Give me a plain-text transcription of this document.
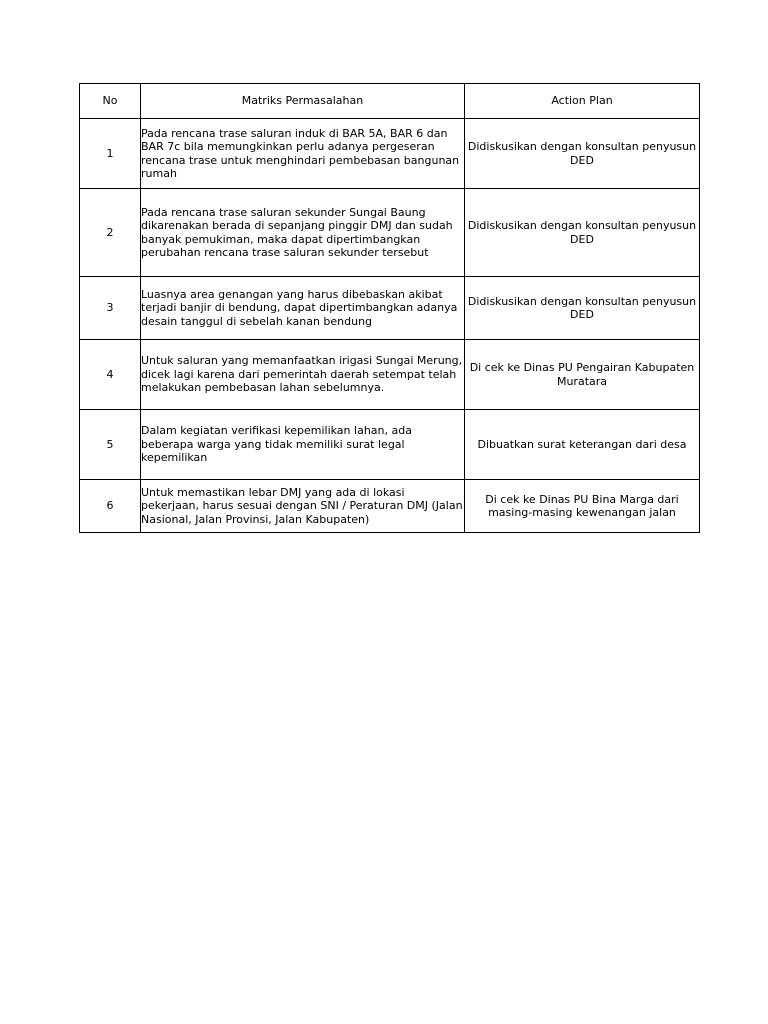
No	Matriks Permasalahan	Action Plan
1	Pada rencana trase saluran induk di BAR 5A, BAR 6 dan BAR 7c bila memungkinkan perlu adanya pergeseran rencana trase untuk menghindari pembebasan bangunan rumah	Didiskusikan dengan konsultan penyusun DED
2	Pada rencana trase saluran sekunder Sungai Baung dikarenakan berada di sepanjang pinggir DMJ dan sudah banyak pemukiman, maka dapat dipertimbangkan perubahan rencana trase saluran sekunder tersebut	Didiskusikan dengan konsultan penyusun DED
3	Luasnya area genangan yang harus dibebaskan akibat terjadi banjir di bendung, dapat dipertimbangkan adanya desain tanggul di sebelah kanan bendung	Didiskusikan dengan konsultan penyusun DED
4	Untuk saluran yang memanfaatkan irigasi Sungai Merung, dicek lagi karena dari pemerintah daerah setempat telah melakukan pembebasan lahan sebelumnya.	Di cek ke Dinas PU Pengairan Kabupaten Muratara
5	Dalam kegiatan verifikasi kepemilikan lahan, ada beberapa warga yang tidak memiliki surat legal kepemilikan	Dibuatkan surat keterangan dari desa
6	Untuk memastikan lebar DMJ yang ada di lokasi pekerjaan, harus sesuai dengan SNI / Peraturan DMJ (Jalan Nasional, Jalan Provinsi, Jalan Kabupaten)	Di cek ke Dinas PU Bina Marga dari masing-masing kewenangan jalan
